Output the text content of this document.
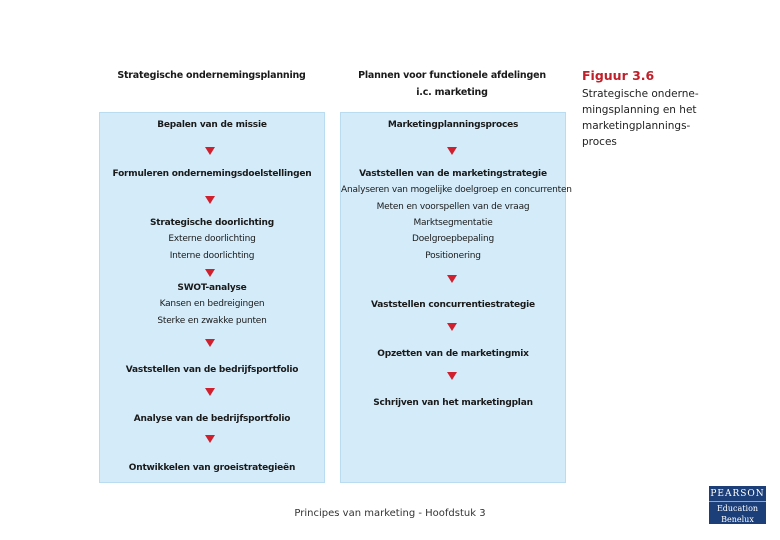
Strategische ondernemingsplanning	Plannen voor functionele afdelingen
i.c. marketing
Bepalen van de missie
Formuleren ondernemingsdoelstellingen
Strategische doorlichting
Externe doorlichting
Interne doorlichting
SWOT-analyse
Kansen en bedreigingen
Sterke en zwakke punten
Vaststellen van de bedrijfsportfolio
Analyse van de bedrijfsportfolio
Ontwikkelen van groeistrategieën
Marketingplanningsproces
Vaststellen van de marketingstrategie
Analyseren van mogelijke doelgroep en concurrenten
Meten en voorspellen van de vraag
Marktsegmentatie
Doelgroepbepaling
Positionering
Vaststellen concurrentiestrategie
Opzetten van de marketingmix
Schrijven van het marketingplan
Figuur 3.6
Strategische onderne-mingsplanning en het marketingplannings-proces
Principes van marketing - Hoofdstuk 3
PEARSON
Education
Benelux
